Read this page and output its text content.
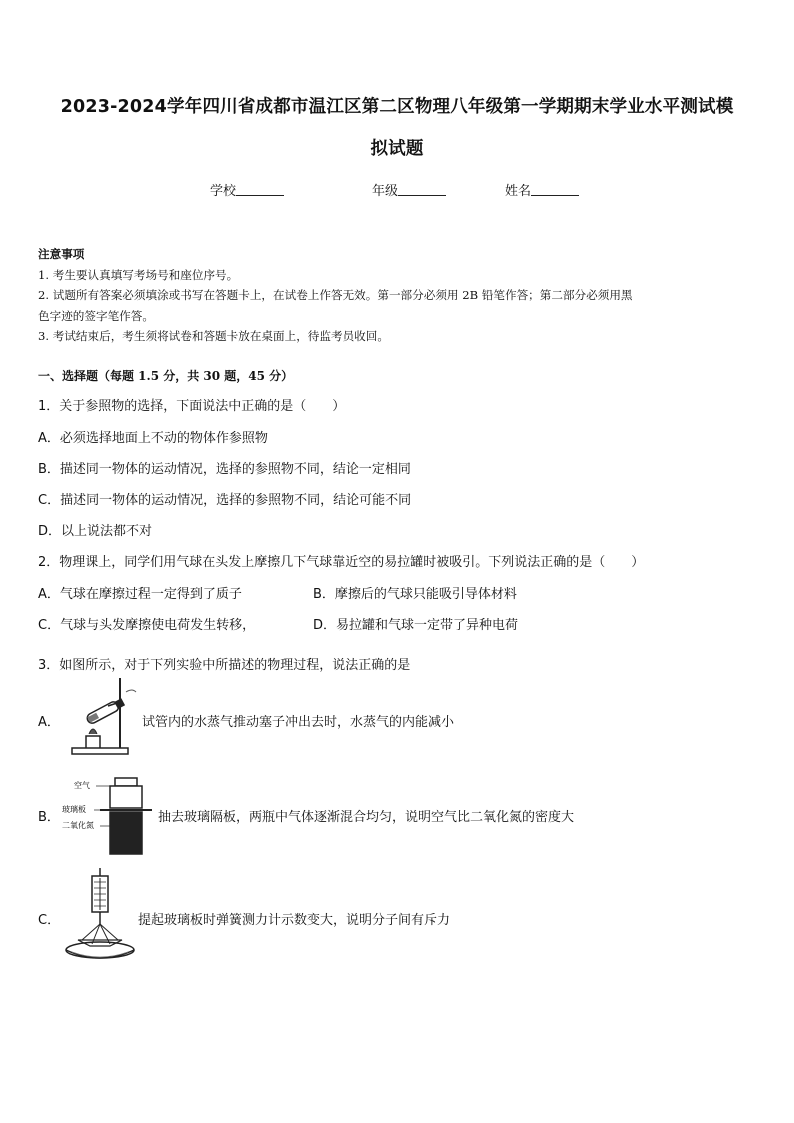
2023-2024学年四川省成都市温江区第二区物理八年级第一学期期末学业水平测试模
拟试题
学校	年级	姓名
注意事项
1. 考生要认真填写考场号和座位序号。
2. 试题所有答案必须填涂或书写在答题卡上，在试卷上作答无效。第一部分必须用 2B 铅笔作答；第二部分必须用黑
色字迹的签字笔作答。
3. 考试结束后，考生须将试卷和答题卡放在桌面上，待监考员收回。
一、选择题（每题 1.5 分，共 30 题，45 分）
1．关于参照物的选择，下面说法中正确的是（　　）
A．必须选择地面上不动的物体作参照物
B．描述同一物体的运动情况，选择的参照物不同，结论一定相同
C．描述同一物体的运动情况，选择的参照物不同，结论可能不同
D．以上说法都不对
2．物理课上，同学们用气球在头发上摩擦几下气球靠近空的易拉罐时被吸引。下列说法正确的是（　　）
A．气球在摩擦过程一定得到了质子	B．摩擦后的气球只能吸引导体材料
C．气球与头发摩擦使电荷发生转移，	D．易拉罐和气球一定带了异种电荷
3．如图所示，对于下列实验中所描述的物理过程，说法正确的是
A．	试管内的水蒸气推动塞子冲出去时，水蒸气的内能减小
B．
空气
玻璃板
二氧化氮
抽去玻璃隔板，两瓶中气体逐渐混合均匀，说明空气比二氧化氮的密度大
C．	提起玻璃板时弹簧测力计示数变大，说明分子间有斥力
